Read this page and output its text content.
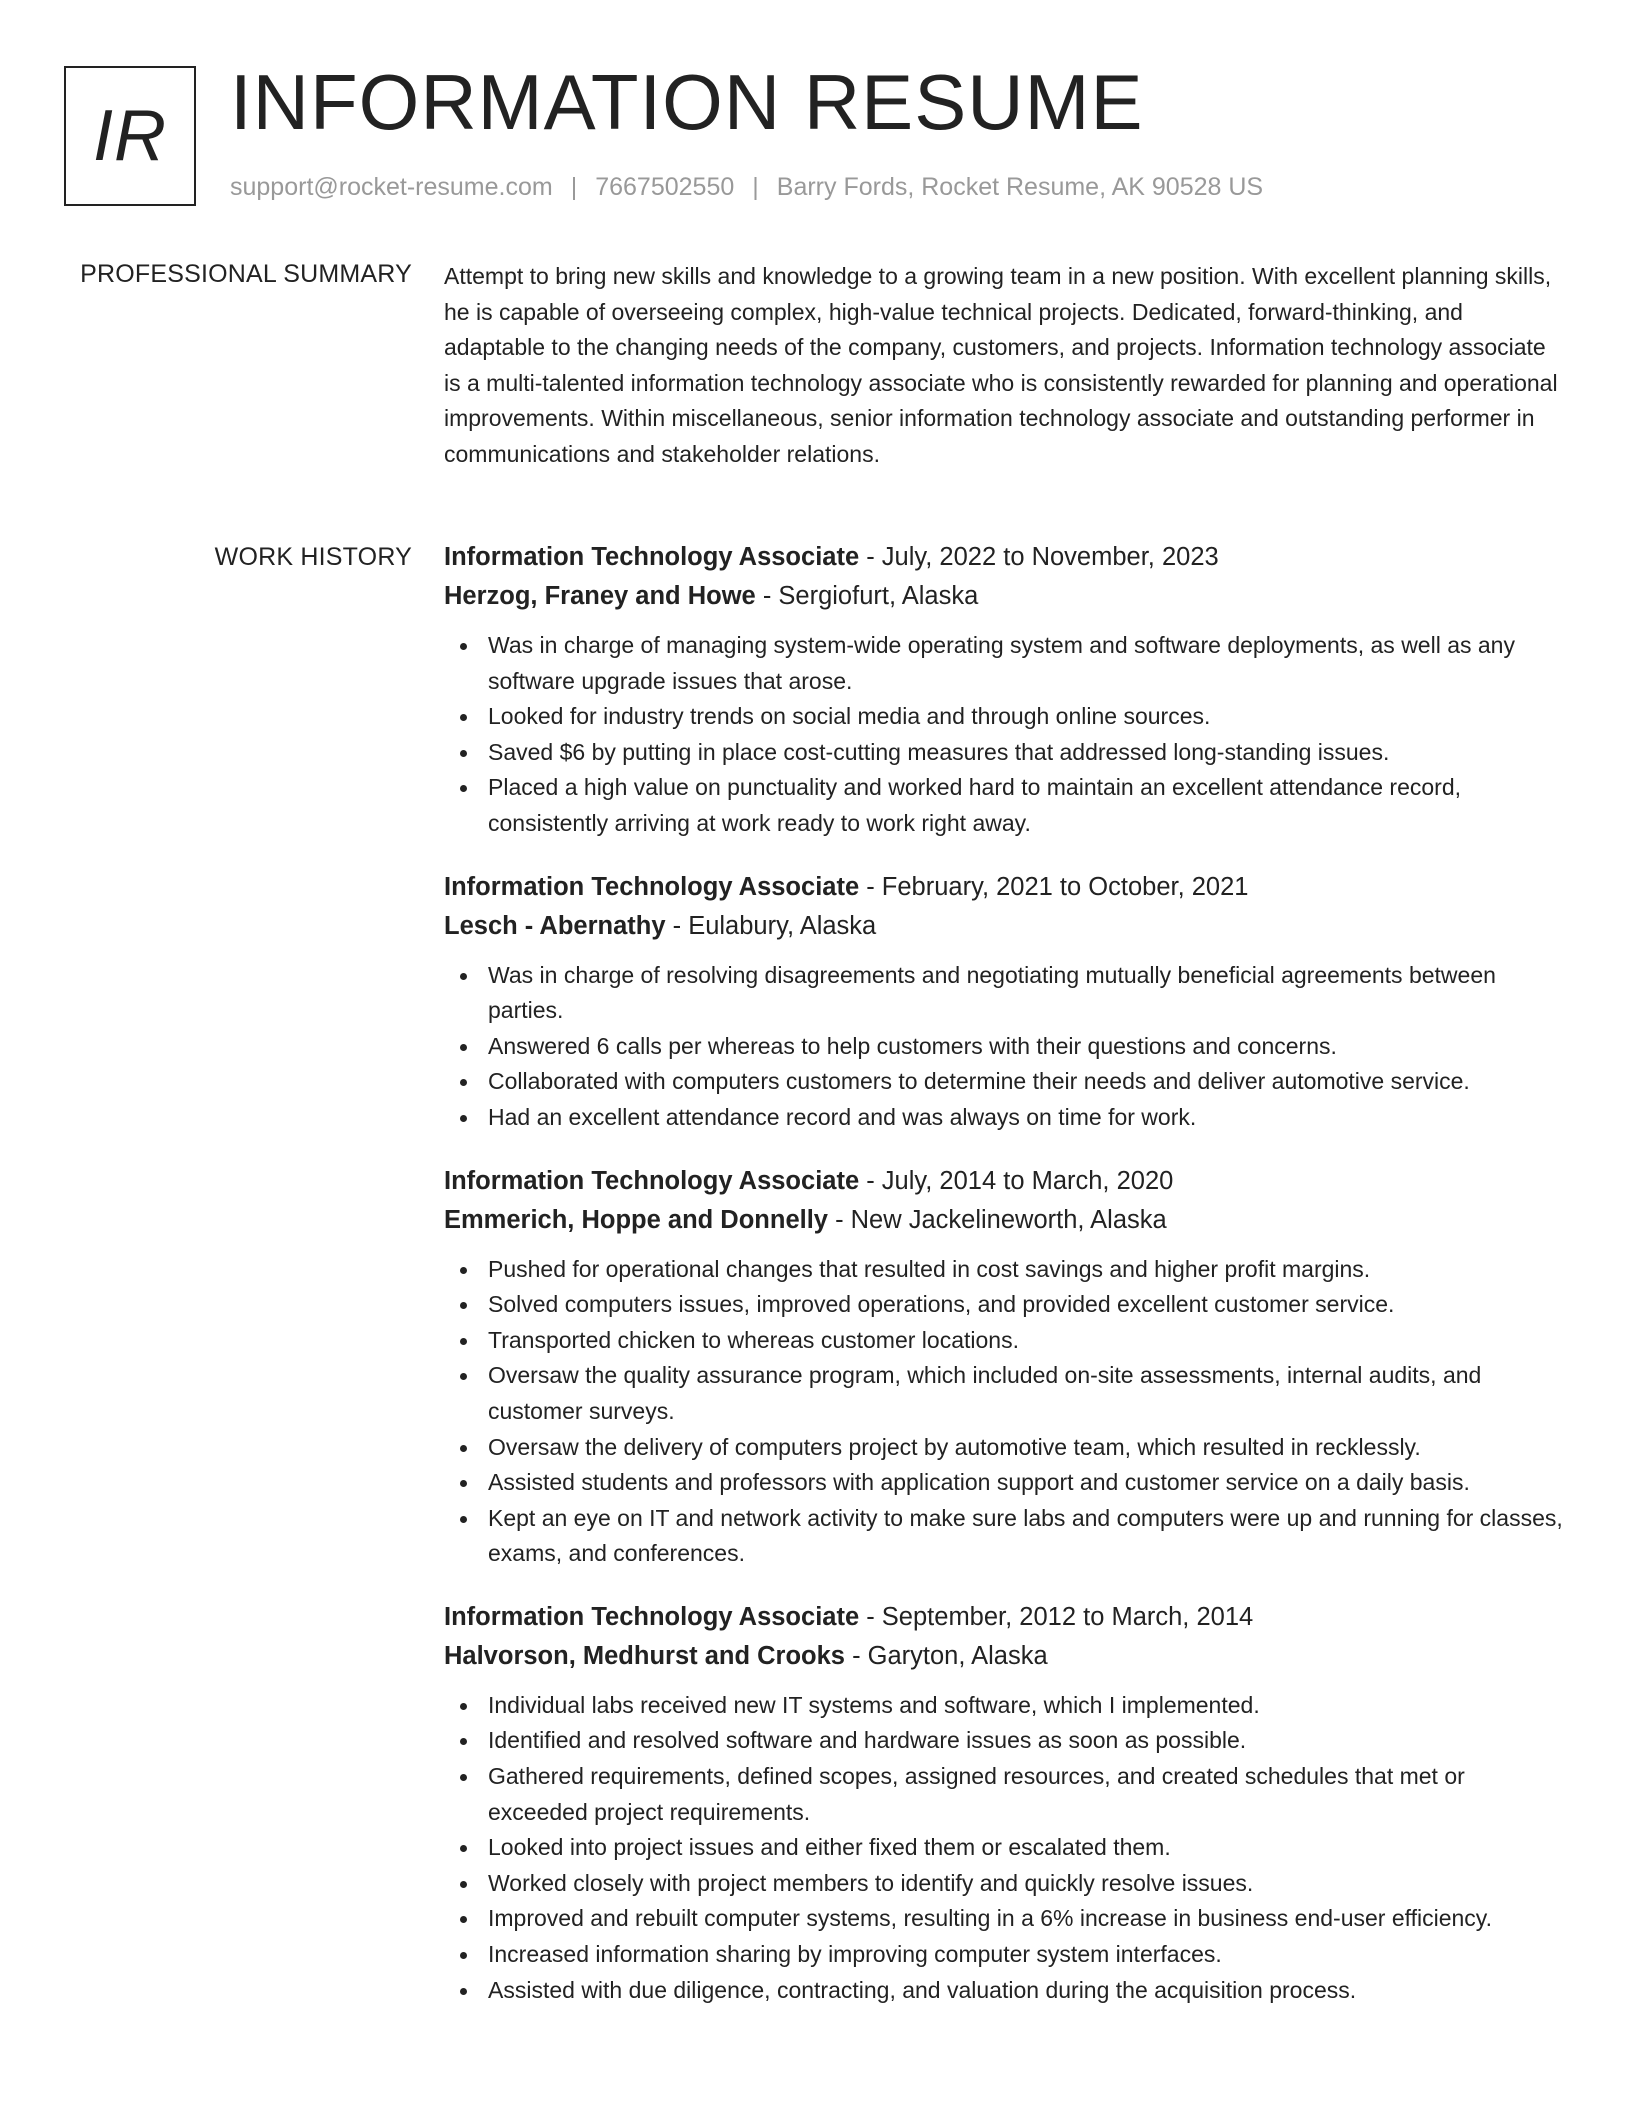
IR INFORMATION RESUME
support@rocket-resume.com | 7667502550 | Barry Fords, Rocket Resume, AK 90528 US
PROFESSIONAL SUMMARY Attempt to bring new skills and knowledge to a growing team in a new position. With excellent planning skills, he is capable of overseeing complex, high-value technical projects. Dedicated, forward-thinking, and adaptable to the changing needs of the company, customers, and projects. Information technology associate is a multi-talented information technology associate who is consistently rewarded for planning and operational improvements. Within miscellaneous, senior information technology associate and outstanding performer in communications and stakeholder relations.

WORK HISTORY Information Technology Associate - July, 2022 to November, 2023
Herzog, Franey and Howe - Sergiofurt, Alaska
Was in charge of managing system-wide operating system and software deployments, as well as any software upgrade issues that arose.
Looked for industry trends on social media and through online sources.
Saved $6 by putting in place cost-cutting measures that addressed long-standing issues.
Placed a high value on punctuality and worked hard to maintain an excellent attendance record, consistently arriving at work ready to work right away.
Information Technology Associate - February, 2021 to October, 2021
Lesch - Abernathy - Eulabury, Alaska
Was in charge of resolving disagreements and negotiating mutually beneficial agreements between parties.
Answered 6 calls per whereas to help customers with their questions and concerns.
Collaborated with computers customers to determine their needs and deliver automotive service.
Had an excellent attendance record and was always on time for work.
Information Technology Associate - July, 2014 to March, 2020
Emmerich, Hoppe and Donnelly - New Jackelineworth, Alaska
Pushed for operational changes that resulted in cost savings and higher profit margins.
Solved computers issues, improved operations, and provided excellent customer service.
Transported chicken to whereas customer locations.
Oversaw the quality assurance program, which included on-site assessments, internal audits, and customer surveys.
Oversaw the delivery of computers project by automotive team, which resulted in recklessly.
Assisted students and professors with application support and customer service on a daily basis.
Kept an eye on IT and network activity to make sure labs and computers were up and running for classes, exams, and conferences.
Information Technology Associate - September, 2012 to March, 2014
Halvorson, Medhurst and Crooks - Garyton, Alaska
Individual labs received new IT systems and software, which I implemented.
Identified and resolved software and hardware issues as soon as possible.
Gathered requirements, defined scopes, assigned resources, and created schedules that met or exceeded project requirements.
Looked into project issues and either fixed them or escalated them.
Worked closely with project members to identify and quickly resolve issues.
Improved and rebuilt computer systems, resulting in a 6% increase in business end-user efficiency.
Increased information sharing by improving computer system interfaces.
Assisted with due diligence, contracting, and valuation during the acquisition process.
